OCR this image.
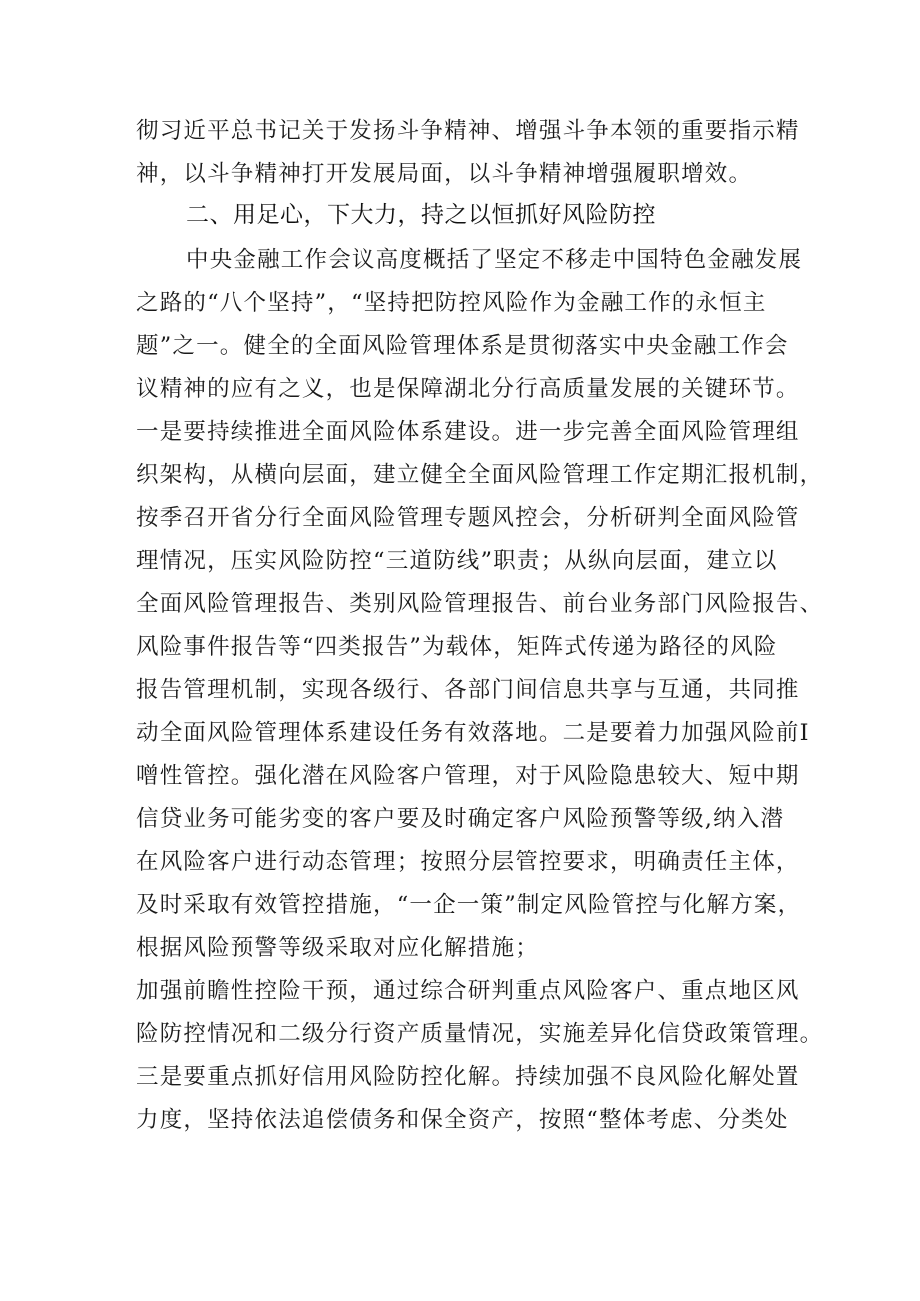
彻习近平总书记关于发扬斗争精神、增强斗争本领的重要指示精
神，以斗争精神打开发展局面，以斗争精神增强履职增效。
二、用足心，下大力，持之以恒抓好风险防控
中央金融工作会议高度概括了坚定不移走中国特色金融发展
之路的“八个坚持”，“坚持把防控风险作为金融工作的永恒主
题”之一。健全的全面风险管理体系是贯彻落实中央金融工作会
议精神的应有之义，也是保障湖北分行高质量发展的关键环节。
一是要持续推进全面风险体系建设。进一步完善全面风险管理组
织架构，从横向层面，建立健全全面风险管理工作定期汇报机制，
按季召开省分行全面风险管理专题风控会，分析研判全面风险管
理情况，压实风险防控“三道防线”职责；从纵向层面，建立以
全面风险管理报告、类别风险管理报告、前台业务部门风险报告、
风险事件报告等“四类报告”为载体，矩阵式传递为路径的风险
报告管理机制，实现各级行、各部门间信息共享与互通，共同推
动全面风险管理体系建设任务有效落地。二是要着力加强风险前I
噌性管控。强化潜在风险客户管理，对于风险隐患较大、短中期
信贷业务可能劣变的客户要及时确定客户风险预警等级,纳入潜
在风险客户进行动态管理；按照分层管控要求，明确责任主体，
及时采取有效管控措施，“一企一策”制定风险管控与化解方案，
根据风险预警等级采取对应化解措施；
加强前瞻性控险干预，通过综合研判重点风险客户、重点地区风
险防控情况和二级分行资产质量情况，实施差异化信贷政策管理。
三是要重点抓好信用风险防控化解。持续加强不良风险化解处置
力度，坚持依法追偿债务和保全资产，按照“整体考虑、分类处
